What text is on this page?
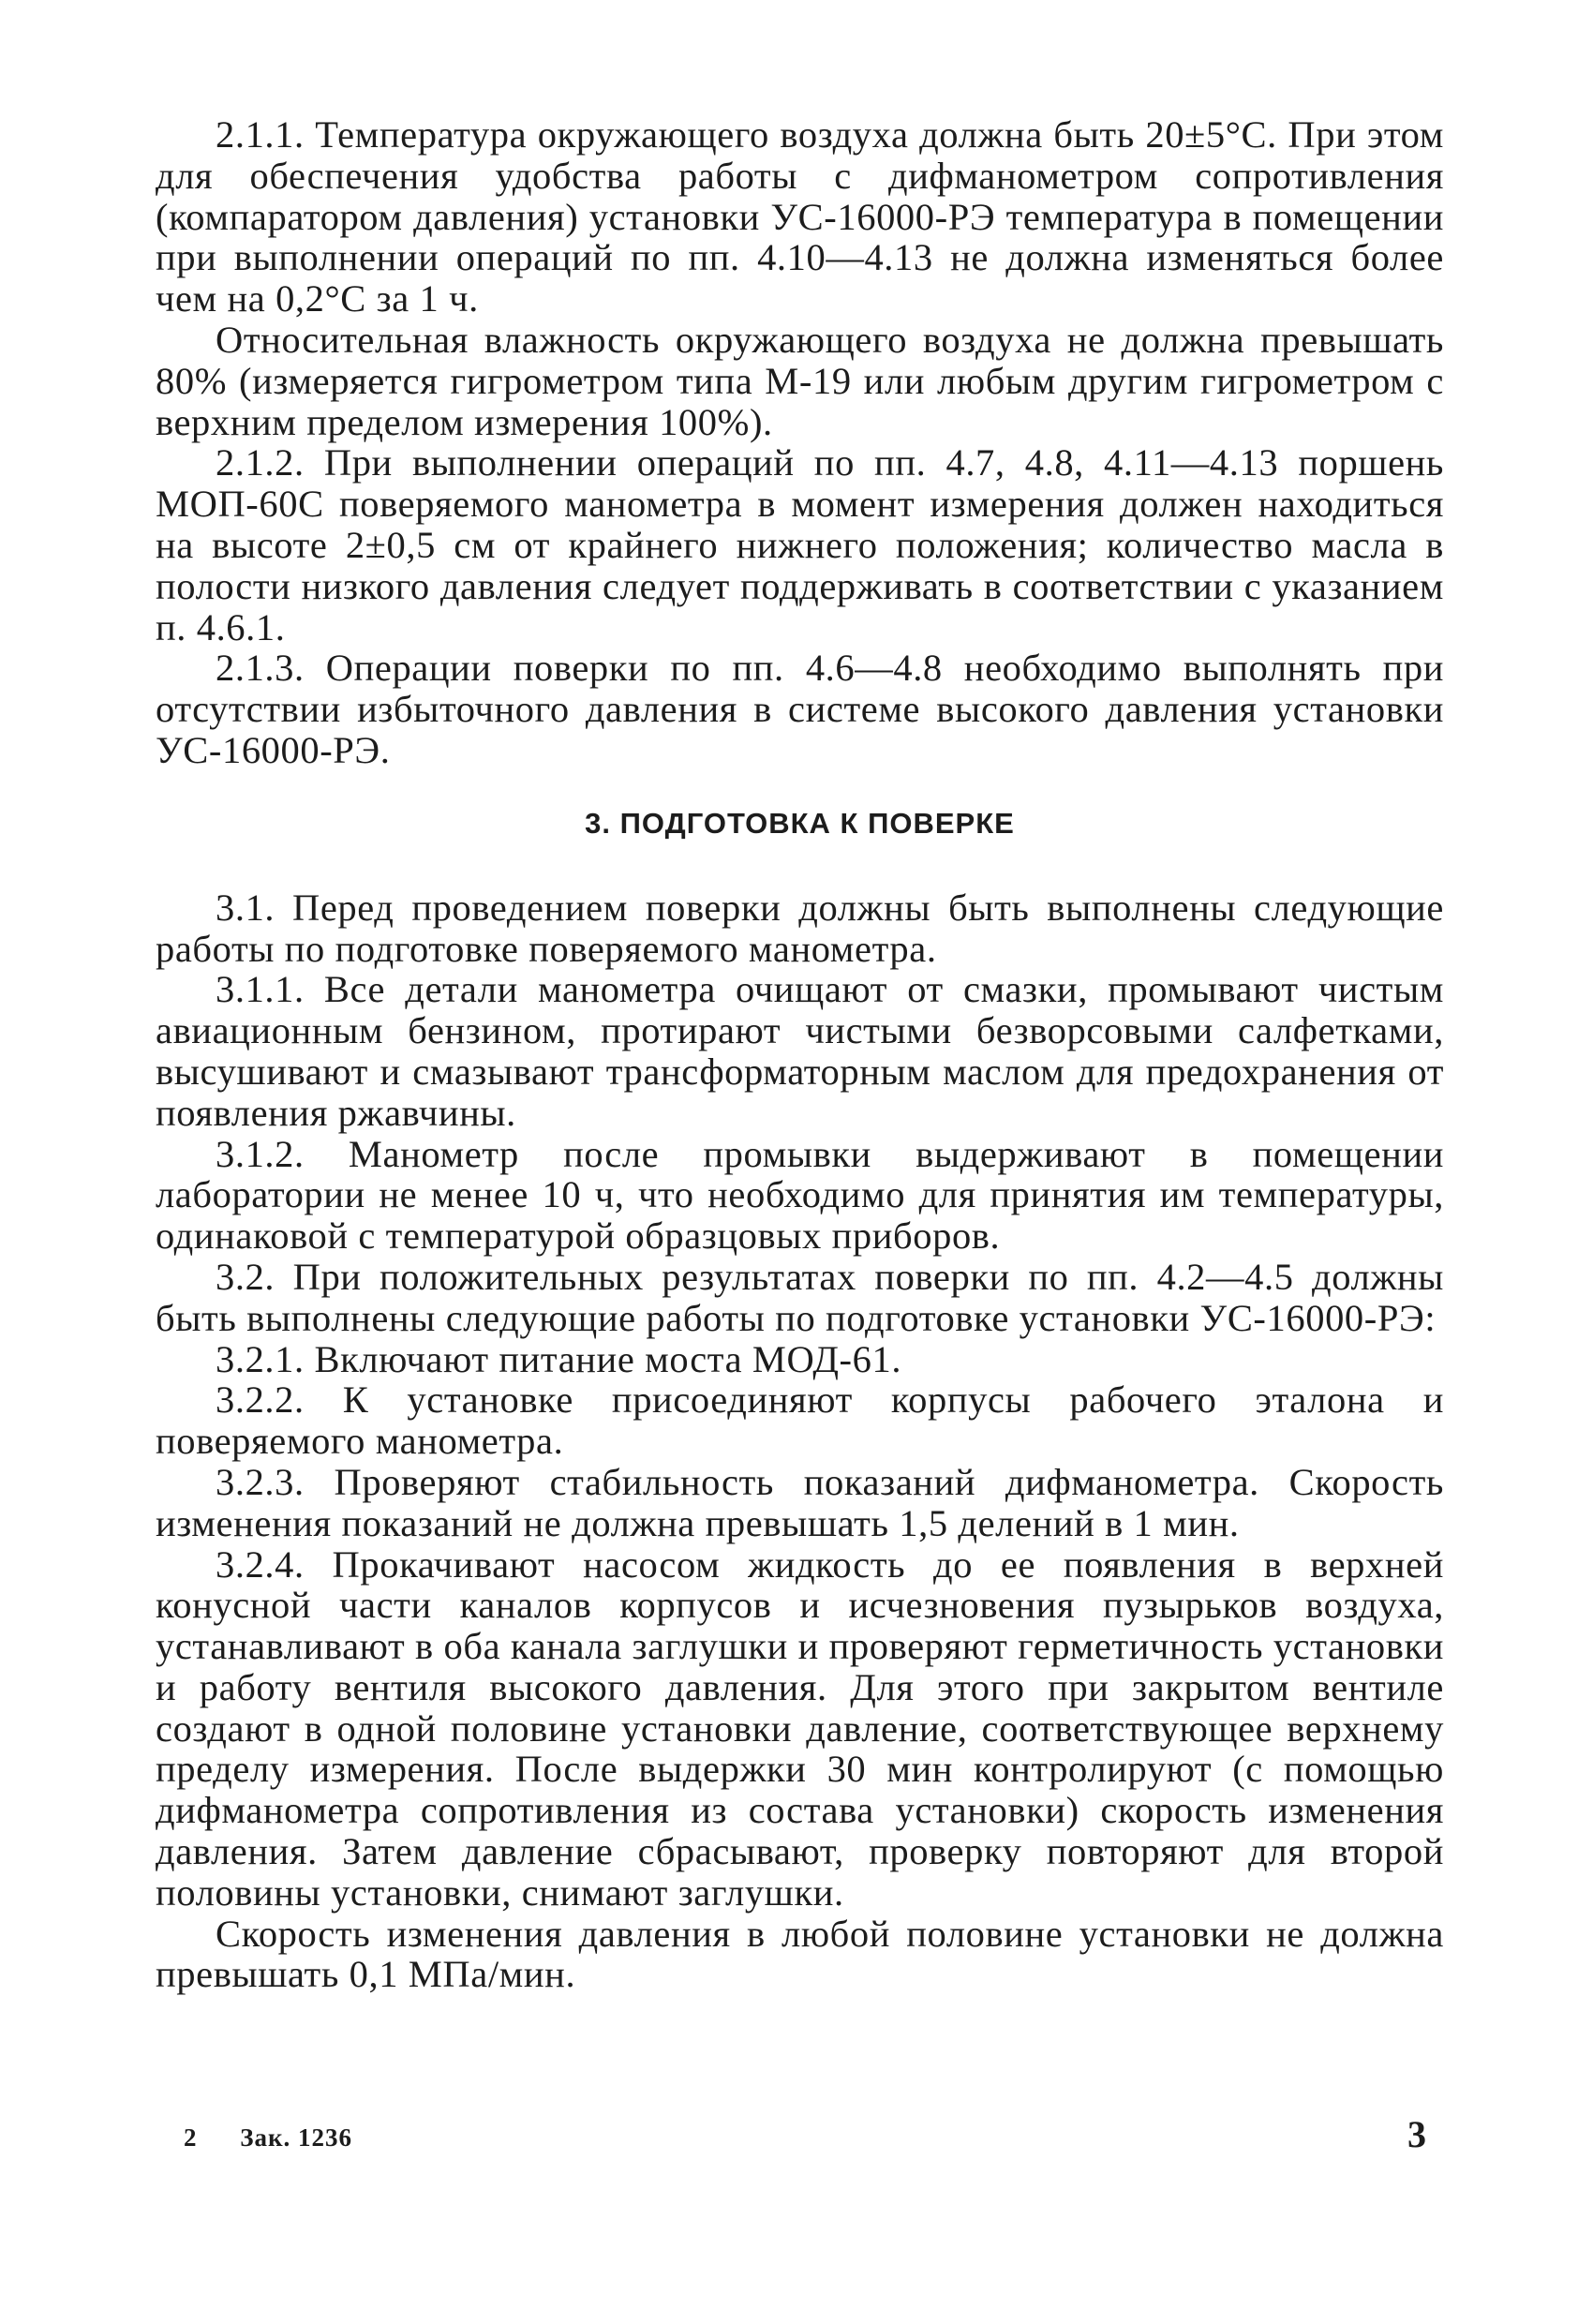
2.1.1. Температура окружающего воздуха должна быть 20±5°С. При этом для обеспечения удобства работы с дифманометром сопротивления (компаратором давления) установки УС-16000-РЭ температура в помещении при выполнении операций по пп. 4.10—4.13 не должна изменяться более чем на 0,2°С за 1 ч.

Относительная влажность окружающего воздуха не должна превышать 80% (измеряется гигрометром типа М-19 или любым другим гигрометром с верхним пределом измерения 100%).

2.1.2. При выполнении операций по пп. 4.7, 4.8, 4.11—4.13 поршень МОП-60С поверяемого манометра в момент измерения должен находиться на высоте 2±0,5 см от крайнего нижнего положения; количество масла в полости низкого давления следует поддерживать в соответствии с указанием п. 4.6.1.

2.1.3. Операции поверки по пп. 4.6—4.8 необходимо выполнять при отсутствии избыточного давления в системе высокого давления установки УС-16000-РЭ.

3. ПОДГОТОВКА К ПОВЕРКЕ

3.1. Перед проведением поверки должны быть выполнены следующие работы по подготовке поверяемого манометра.

3.1.1. Все детали манометра очищают от смазки, промывают чистым авиационным бензином, протирают чистыми безворсовыми салфетками, высушивают и смазывают трансформаторным маслом для предохранения от появления ржавчины.

3.1.2. Манометр после промывки выдерживают в помещении лаборатории не менее 10 ч, что необходимо для принятия им температуры, одинаковой с температурой образцовых приборов.

3.2. При положительных результатах поверки по пп. 4.2—4.5 должны быть выполнены следующие работы по подготовке установки УС-16000-РЭ:

3.2.1. Включают питание моста МОД-61.

3.2.2. К установке присоединяют корпусы рабочего эталона и поверяемого манометра.

3.2.3. Проверяют стабильность показаний дифманометра. Скорость изменения показаний не должна превышать 1,5 делений в 1 мин.

3.2.4. Прокачивают насосом жидкость до ее появления в верхней конусной части каналов корпусов и исчезновения пузырьков воздуха, устанавливают в оба канала заглушки и проверяют герметичность установки и работу вентиля высокого давления. Для этого при закрытом вентиле создают в одной половине установки давление, соответствующее верхнему пределу измерения. После выдержки 30 мин контролируют (с помощью дифманометра сопротивления из состава установки) скорость изменения давления. Затем давление сбрасывают, проверку повторяют для второй половины установки, снимают заглушки.

Скорость изменения давления в любой половине установки не должна превышать 0,1 МПа/мин.

2 Зак. 1236	3
